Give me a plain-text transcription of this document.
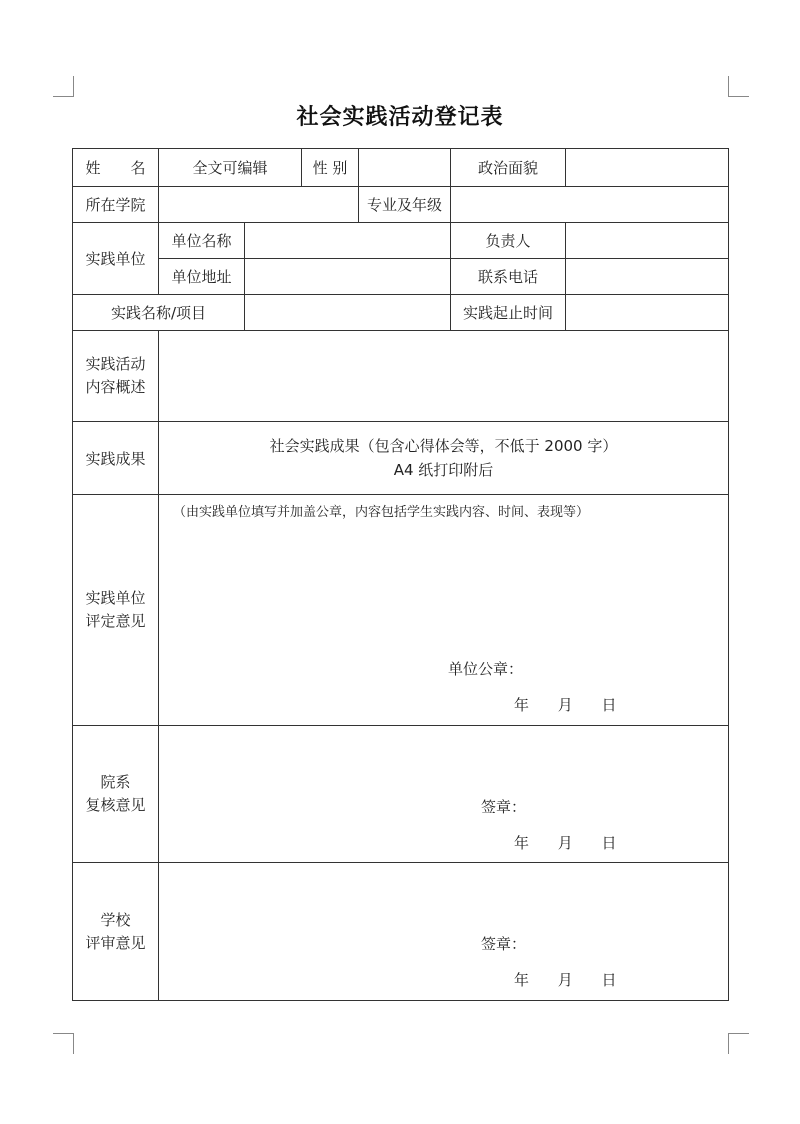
社会实践活动登记表
姓　　名	全文可编辑		性 别		政治面貌	
所在学院				专业及年级		
实践单位	单位名称				负责人	
	单位地址				联系电话	
实践名称/项目					实践起止时间	
实践活动
内容概述						
实践成果	社会实践成果（包含心得体会等，不低于 2000 字）
A4 纸打印附后					
实践单位
评定意见	（由实践单位填写并加盖公章，内容包括学生实践内容、时间、表现等）
单位公章：
年 月 日					

院系
复核意见	签章：
年 月 日					

学校
评审意见	签章：
年 月 日					
